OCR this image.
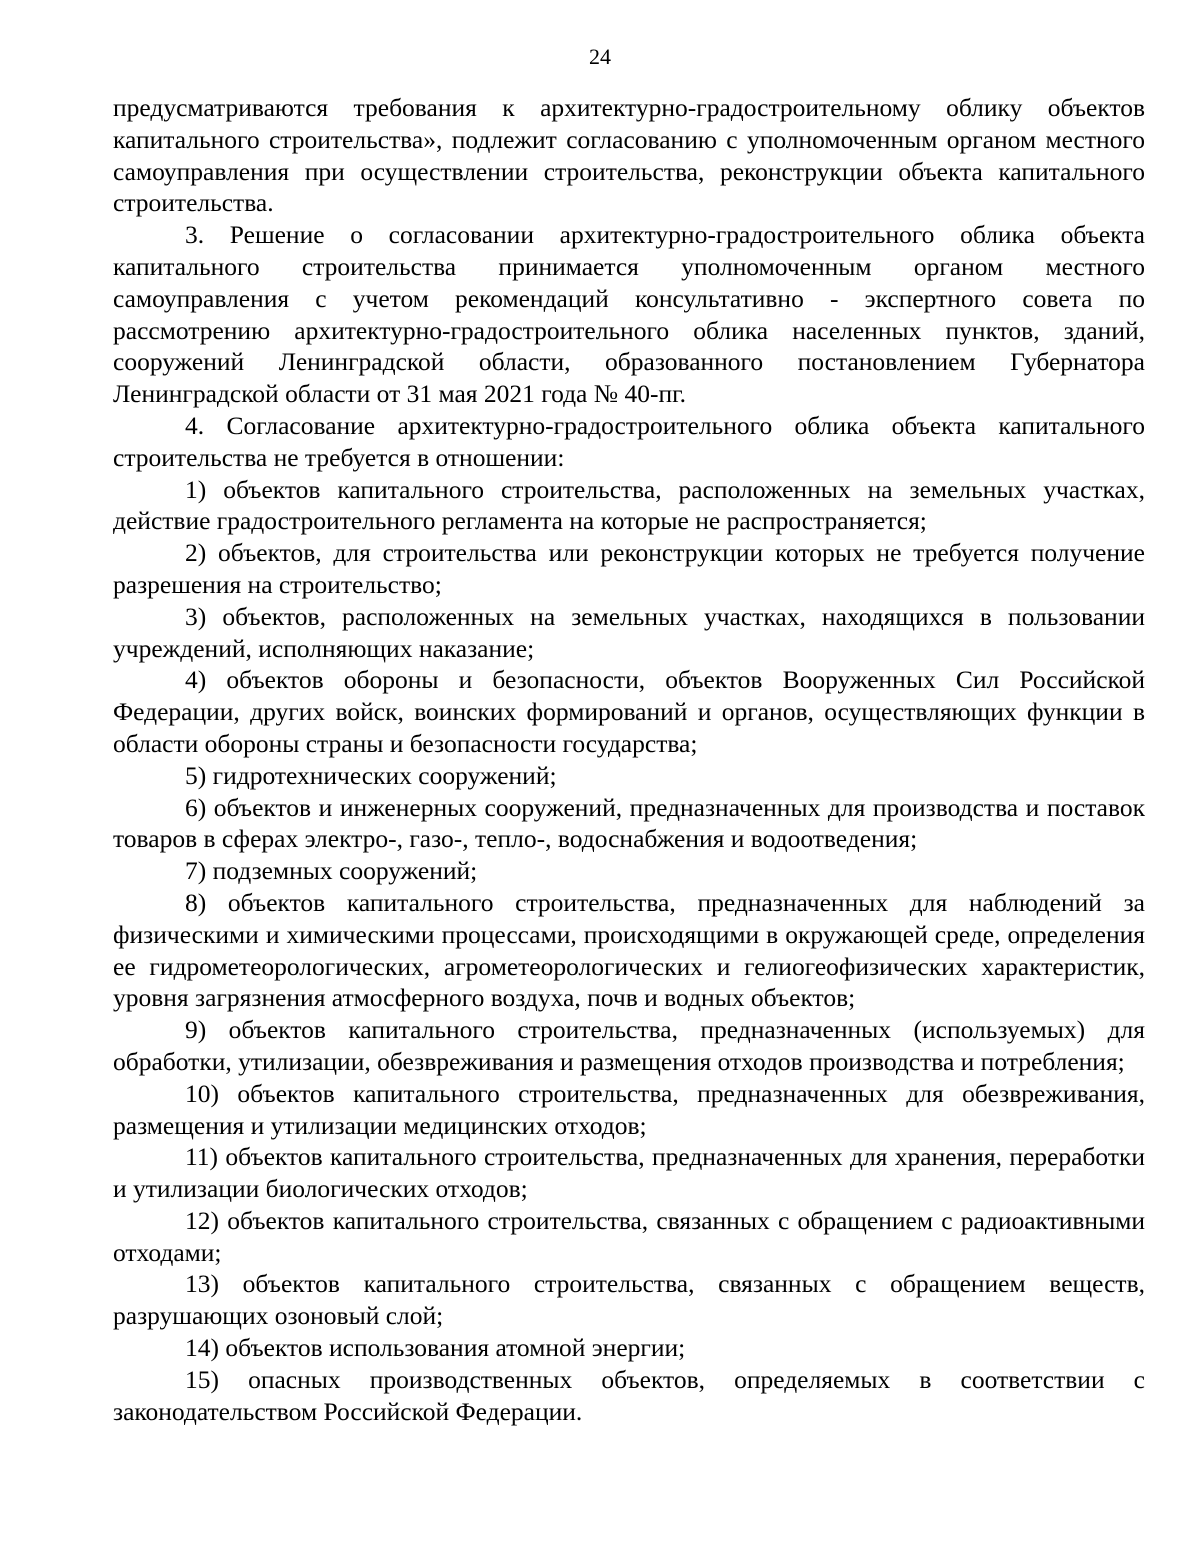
24

предусматриваются требования к архитектурно-градостроительному облику объектов капитального строительства», подлежит согласованию с уполномоченным органом местного самоуправления при осуществлении строительства, реконструкции объекта капитального строительства.

3. Решение о согласовании архитектурно-градостроительного облика объекта капитального строительства принимается уполномоченным органом местного самоуправления с учетом рекомендаций консультативно - экспертного совета по рассмотрению архитектурно-градостроительного облика населенных пунктов, зданий, сооружений Ленинградской области, образованного постановлением Губернатора Ленинградской области от 31 мая 2021 года № 40-пг.

4. Согласование архитектурно-градостроительного облика объекта капитального строительства не требуется в отношении:

1) объектов капитального строительства, расположенных на земельных участках, действие градостроительного регламента на которые не распространяется;

2) объектов, для строительства или реконструкции которых не требуется получение разрешения на строительство;

3) объектов, расположенных на земельных участках, находящихся в пользовании учреждений, исполняющих наказание;

4) объектов обороны и безопасности, объектов Вооруженных Сил Российской Федерации, других войск, воинских формирований и органов, осуществляющих функции в области обороны страны и безопасности государства;

5) гидротехнических сооружений;

6) объектов и инженерных сооружений, предназначенных для производства и поставок товаров в сферах электро-, газо-, тепло-, водоснабжения и водоотведения;

7) подземных сооружений;

8) объектов капитального строительства, предназначенных для наблюдений за физическими и химическими процессами, происходящими в окружающей среде, определения ее гидрометеорологических, агрометеорологических и гелиогеофизических характеристик, уровня загрязнения атмосферного воздуха, почв и водных объектов;

9) объектов капитального строительства, предназначенных (используемых) для обработки, утилизации, обезвреживания и размещения отходов производства и потребления;

10) объектов капитального строительства, предназначенных для обезвреживания, размещения и утилизации медицинских отходов;

11) объектов капитального строительства, предназначенных для хранения, переработки и утилизации биологических отходов;

12) объектов капитального строительства, связанных с обращением с радиоактивными отходами;

13) объектов капитального строительства, связанных с обращением веществ, разрушающих озоновый слой;

14) объектов использования атомной энергии;

15) опасных производственных объектов, определяемых в соответствии с законодательством Российской Федерации.
